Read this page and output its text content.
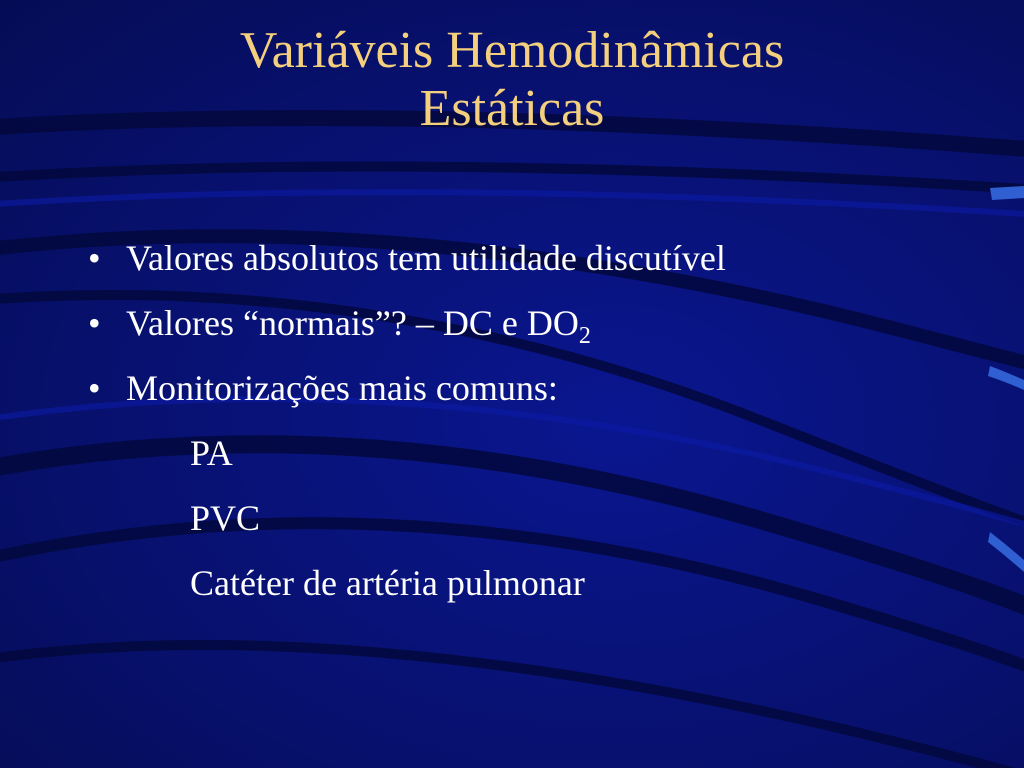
Variáveis Hemodinâmicas
Estáticas
• Valores absolutos tem utilidade discutível
• Valores “normais”? – DC e $DO_2$
• Monitorizações mais comuns:
PA
PVC
Catéter de artéria pulmonar
